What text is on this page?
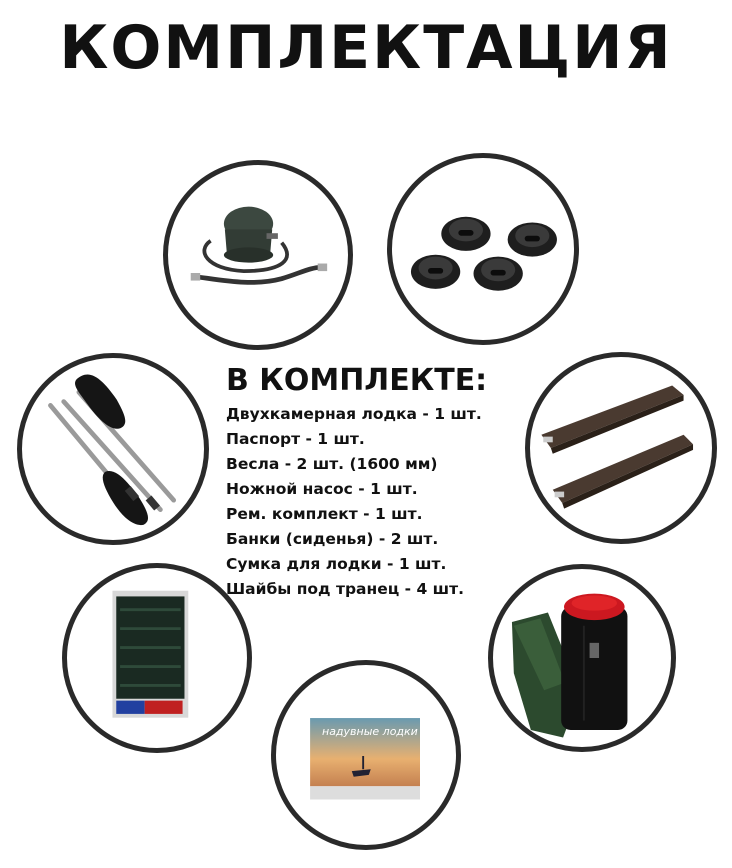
КОМПЛЕКТАЦИЯ
надувные лодки
В КОМПЛЕКТЕ:
Двухкамерная лодка - 1 шт.
Паспорт - 1 шт.
Весла - 2 шт. (1600 мм)
Ножной насос - 1 шт.
Рем. комплект - 1 шт.
Банки (сиденья) - 2 шт.
Сумка для лодки - 1 шт.
Шайбы под транец - 4 шт.
